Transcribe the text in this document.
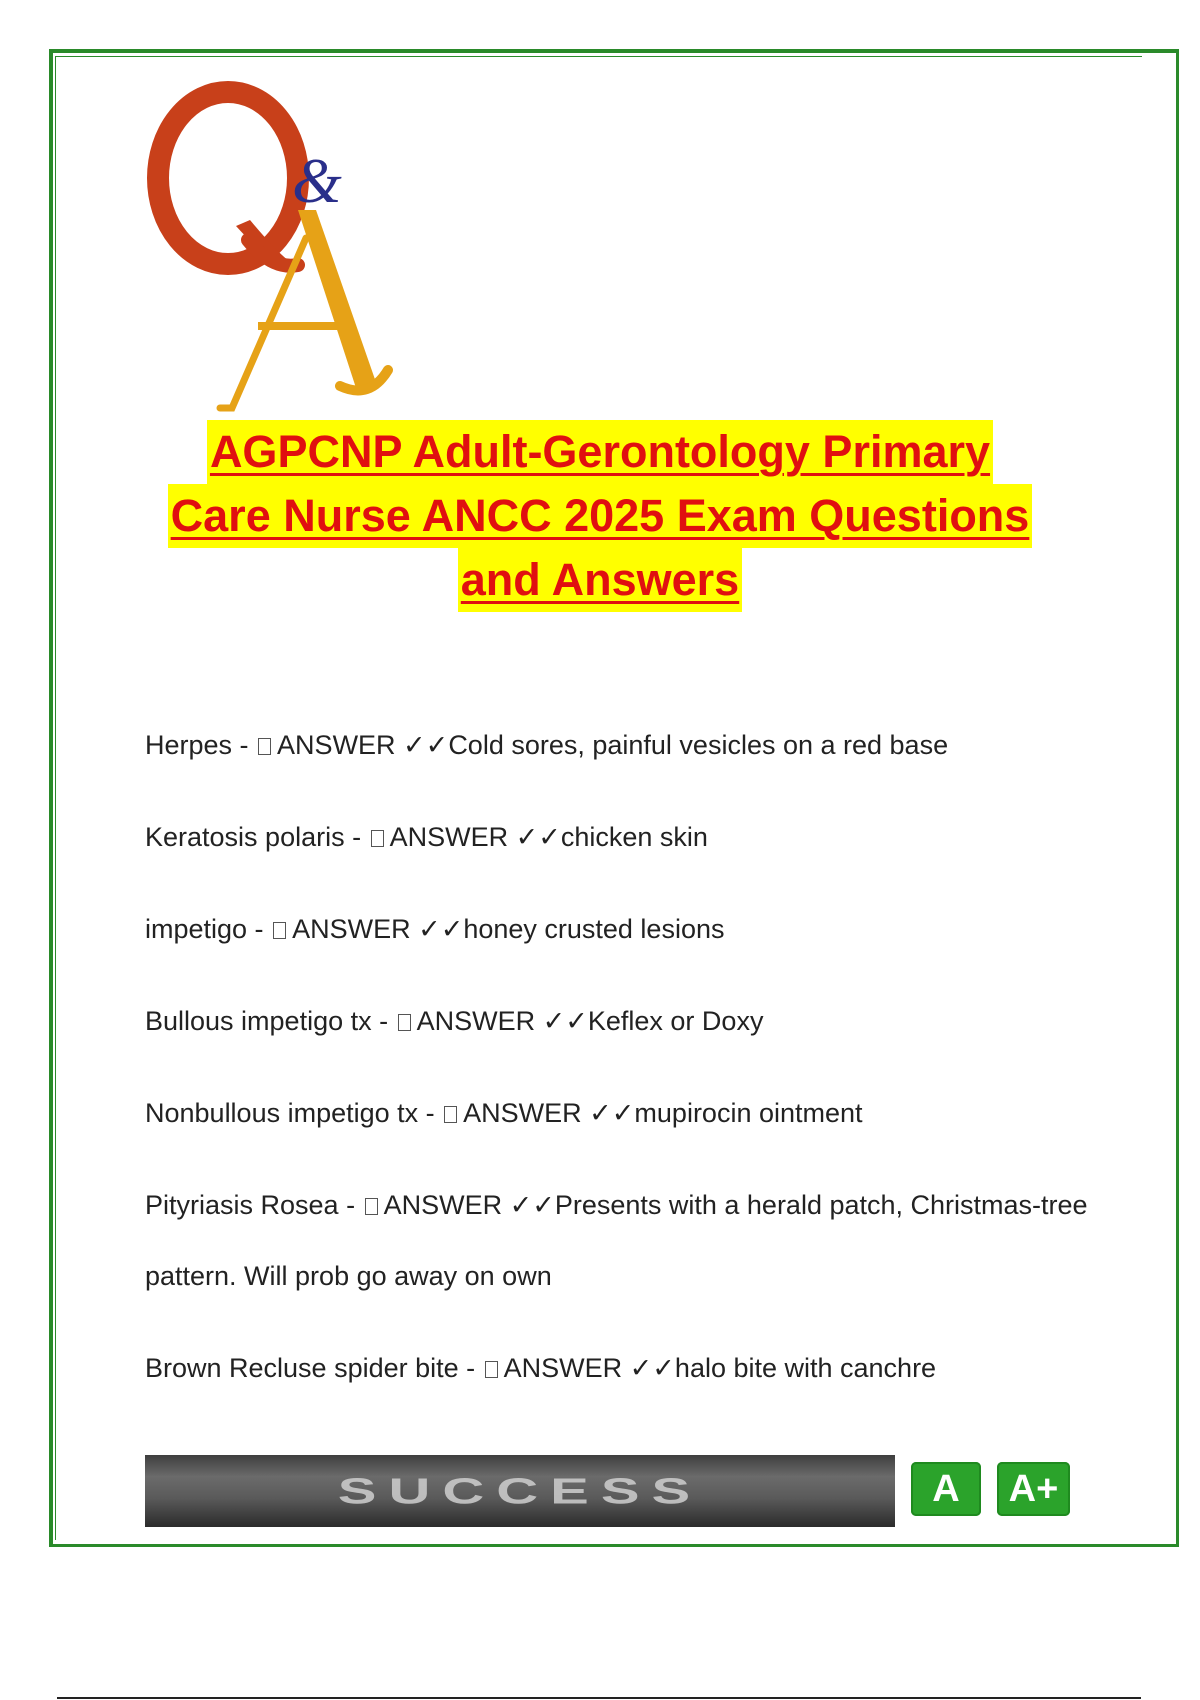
&
AGPCNP Adult-Gerontology Primary
Care Nurse ANCC 2025 Exam Questions
and Answers
Herpes - ANSWER ✓✓Cold sores, painful vesicles on a red base
Keratosis polaris - ANSWER ✓✓chicken skin
impetigo - ANSWER ✓✓honey crusted lesions
Bullous impetigo tx - ANSWER ✓✓Keflex or Doxy
Nonbullous impetigo tx - ANSWER ✓✓mupirocin ointment
Pityriasis Rosea - ANSWER ✓✓Presents with a herald patch, Christmas-tree pattern. Will prob go away on own
Brown Recluse spider bite - ANSWER ✓✓halo bite with canchre
SUCCESS	A	A+
